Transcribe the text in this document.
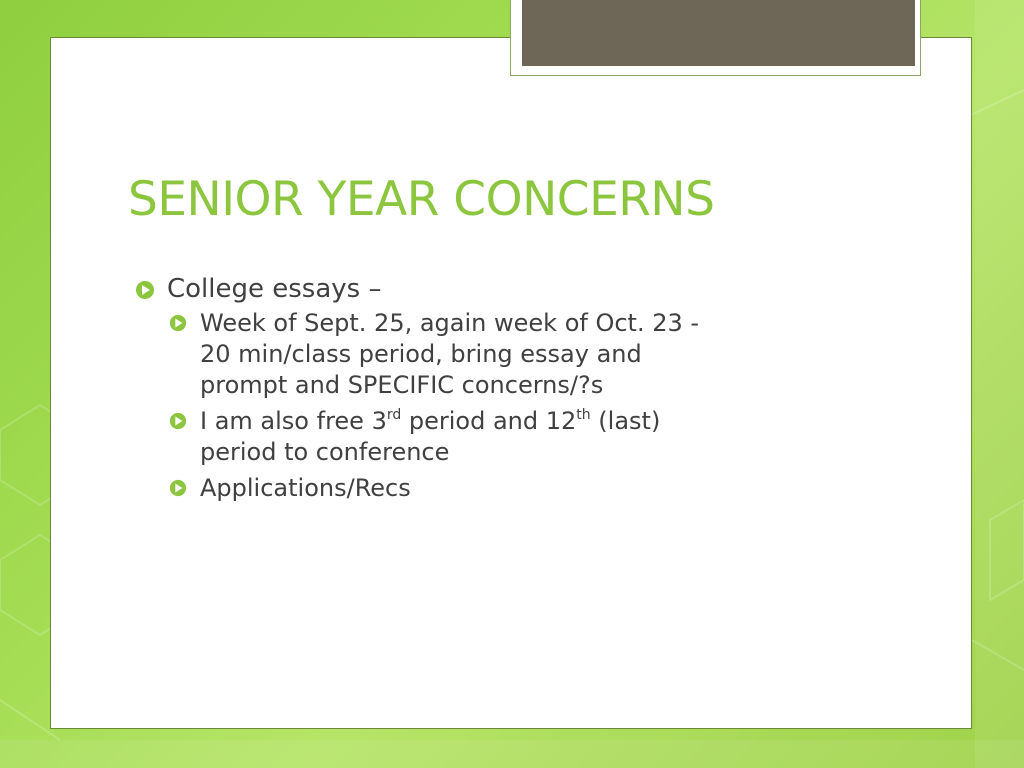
SENIOR YEAR CONCERNS
College essays –
Week of Sept. 25, again week of Oct. 23 -
20 min/class period, bring essay and
prompt and SPECIFIC concerns/?s
I am also free 3rd period and 12th (last)
period to conference
Applications/Recs
